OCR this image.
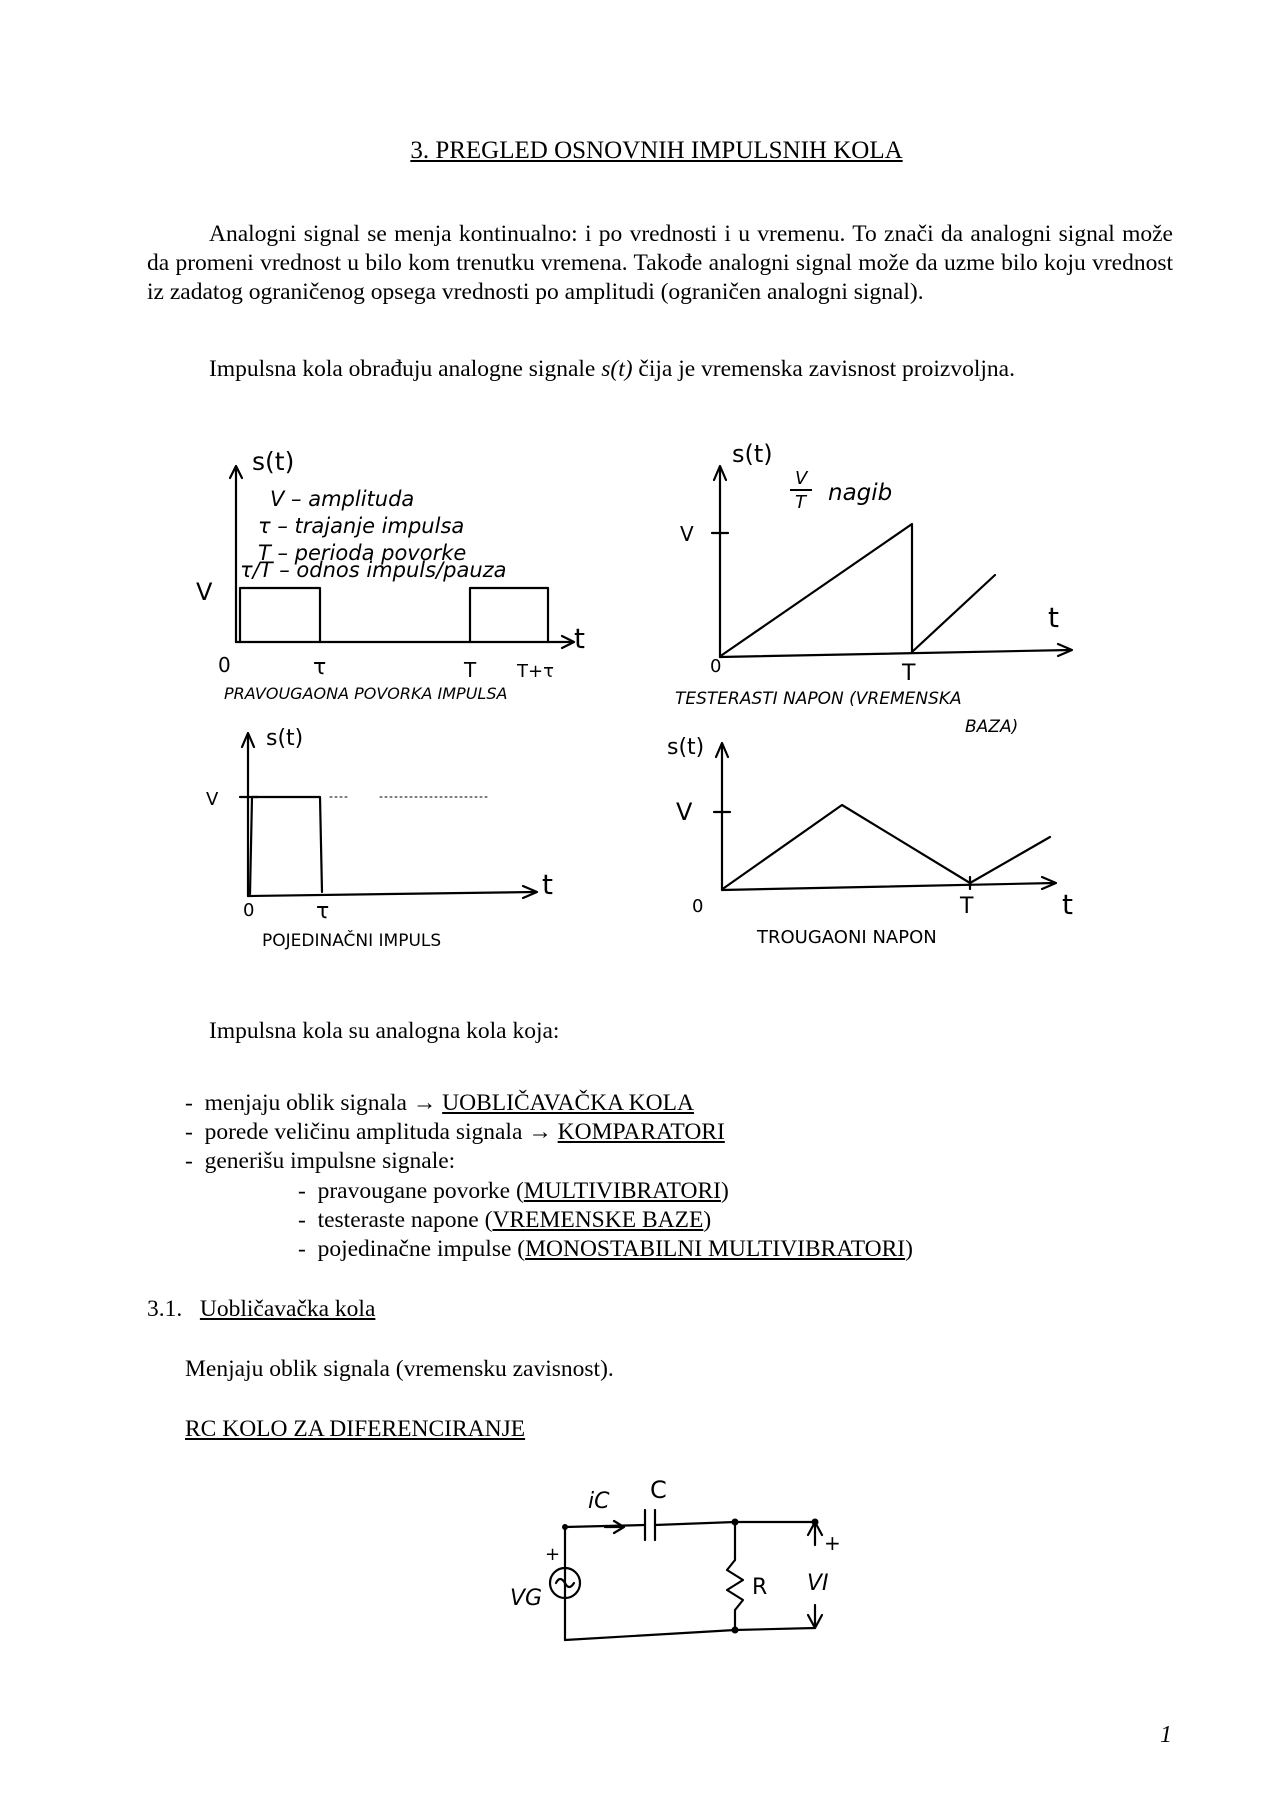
3. PREGLED OSNOVNIH IMPULSNIH KOLA
Analogni signal se menja kontinualno: i po vrednosti i u vremenu. To znači da analogni signal može da promeni vrednost u bilo kom trenutku vremena. Takođe analogni signal može da uzme bilo koju vrednost iz zadatog ograničenog opsega vrednosti po amplitudi (ograničen analogni signal).
Impulsna kola obrađuju analogne signale s(t) čija je vremenska zavisnost proizvoljna.
s(t)
V – amplituda
τ – trajanje impulsa
T – perioda povorke
τ/T – odnos impuls/pauza
V
0	τ	T T+τ
t
PRAVOUGAONA POVORKA IMPULSA
s(t)
V
T nagib
V
0	T
t
TESTERASTI NAPON (VREMENSKA
BAZA)
s(t)
V
0	τ
t
POJEDINAČNI IMPULS
s(t)
V
0	T	t
TROUGAONI NAPON
iC C
R
VG
VI
+	+
Impulsna kola su analogna kola koja:
- menjaju oblik signala → UOBLIČAVAČKA KOLA
- porede veličinu amplituda signala → KOMPARATORI
- generišu impulsne signale:
- pravougane povorke (MULTIVIBRATORI)
- testeraste napone (VREMENSKE BAZE)
- pojedinačne impulse (MONOSTABILNI MULTIVIBRATORI)
3.1. Uobličavačka kola
Menjaju oblik signala (vremensku zavisnost).
RC KOLO ZA DIFERENCIRANJE
1
